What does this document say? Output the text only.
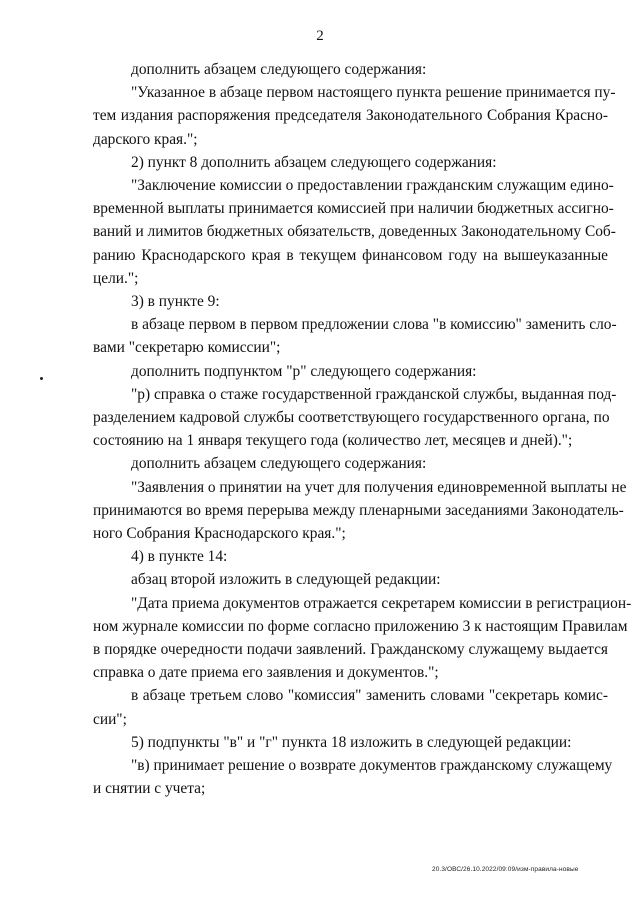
2
дополнить абзацем следующего содержания:
"Указанное в абзаце первом настоящего пункта решение принимается пу-
тем издания распоряжения председателя Законодательного Собрания Красно-
дарского края.";
2) пункт 8 дополнить абзацем следующего содержания:
"Заключение комиссии о предоставлении гражданским служащим едино-
временной выплаты принимается комиссией при наличии бюджетных ассигно-
ваний и лимитов бюджетных обязательств, доведенных Законодательному Соб-
ранию Краснодарского края в текущем финансовом году на вышеуказанные
цели.";
3) в пункте 9:
в абзаце первом в первом предложении слова "в комиссию" заменить сло-
вами "секретарю комиссии";
дополнить подпунктом "р" следующего содержания:
"р) справка о стаже государственной гражданской службы, выданная под-
разделением кадровой службы соответствующего государственного органа, по
состоянию на 1 января текущего года (количество лет, месяцев и дней).";
дополнить абзацем следующего содержания:
"Заявления о принятии на учет для получения единовременной выплаты не
принимаются во время перерыва между пленарными заседаниями Законодатель-
ного Собрания Краснодарского края.";
4) в пункте 14:
абзац второй изложить в следующей редакции:
"Дата приема документов отражается секретарем комиссии в регистрацион-
ном журнале комиссии по форме согласно приложению 3 к настоящим Правилам
в порядке очередности подачи заявлений. Гражданскому служащему выдается
справка о дате приема его заявления и документов.";
в абзаце третьем слово "комиссия" заменить словами "секретарь комис-
сии";
5) подпункты "в" и "г" пункта 18 изложить в следующей редакции:
"в) принимает решение о возврате документов гражданскому служащему
и снятии с учета;
20.3/ОВС/26.10.2022/09:09/изм-правила-новые
